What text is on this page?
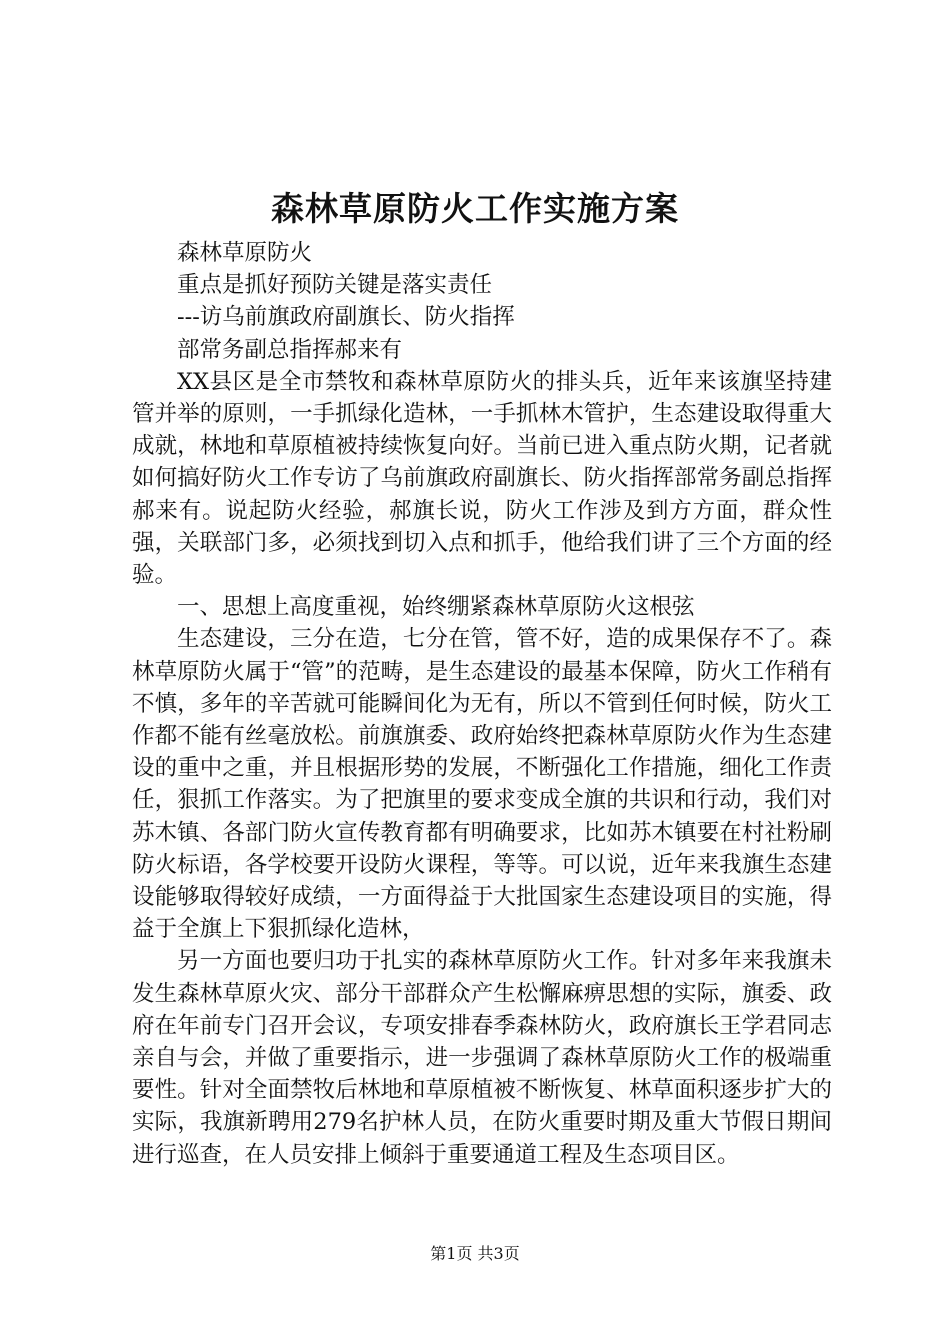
森林草原防火工作实施方案

森林草原防火

重点是抓好预防关键是落实责任

---访乌前旗政府副旗长、防火指挥

部常务副总指挥郝来有

XX县区是全市禁牧和森林草原防火的排头兵，近年来该旗坚持建管并举的原则，一手抓绿化造林，一手抓林木管护，生态建设取得重大成就，林地和草原植被持续恢复向好。当前已进入重点防火期，记者就如何搞好防火工作专访了乌前旗政府副旗长、防火指挥部常务副总指挥郝来有。说起防火经验，郝旗长说，防火工作涉及到方方面，群众性强，关联部门多，必须找到切入点和抓手，他给我们讲了三个方面的经验。

一、思想上高度重视，始终绷紧森林草原防火这根弦

生态建设，三分在造，七分在管，管不好，造的成果保存不了。森林草原防火属于“管”的范畴，是生态建设的最基本保障，防火工作稍有不慎，多年的辛苦就可能瞬间化为无有，所以不管到任何时候，防火工作都不能有丝毫放松。前旗旗委、政府始终把森林草原防火作为生态建设的重中之重，并且根据形势的发展，不断强化工作措施，细化工作责任，狠抓工作落实。为了把旗里的要求变成全旗的共识和行动，我们对苏木镇、各部门防火宣传教育都有明确要求，比如苏木镇要在村社粉刷防火标语，各学校要开设防火课程，等等。可以说，近年来我旗生态建设能够取得较好成绩，一方面得益于大批国家生态建设项目的实施，得益于全旗上下狠抓绿化造林，

另一方面也要归功于扎实的森林草原防火工作。针对多年来我旗未发生森林草原火灾、部分干部群众产生松懈麻痹思想的实际，旗委、政府在年前专门召开会议，专项安排春季森林防火，政府旗长王学君同志亲自与会，并做了重要指示，进一步强调了森林草原防火工作的极端重要性。针对全面禁牧后林地和草原植被不断恢复、林草面积逐步扩大的实际，我旗新聘用279名护林人员，在防火重要时期及重大节假日期间进行巡查，在人员安排上倾斜于重要通道工程及生态项目区。

第1页 共3页
